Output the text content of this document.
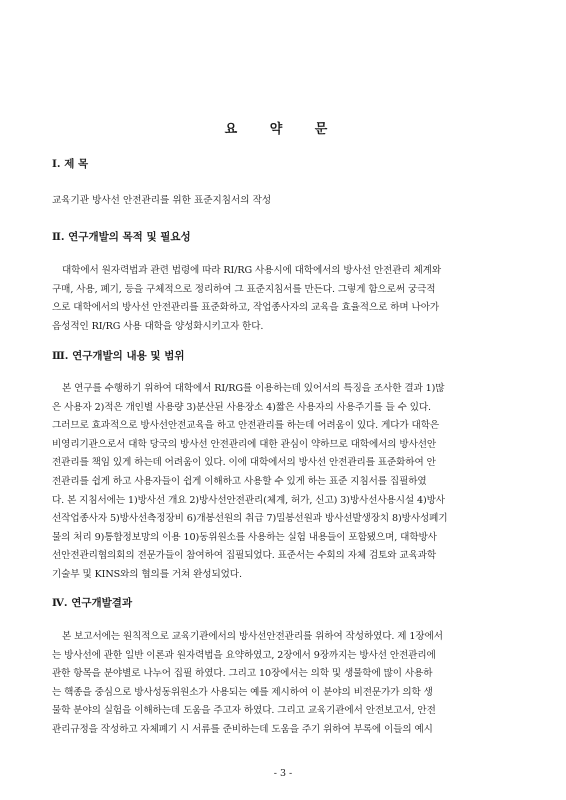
요 약 문
Ⅰ. 제 목
교육기관 방사선 안전관리를 위한 표준지침서의 작성
Ⅱ. 연구개발의 목적 및 필요성
대학에서 원자력법과 관련 법령에 따라 RI/RG 사용시에 대학에서의 방사선 안전관리 체계와
구매, 사용, 폐기, 등을 구체적으로 정리하여 그 표준지침서를 만든다. 그렇게 함으로써 궁극적
으로 대학에서의 방사선 안전관리를 표준화하고, 작업종사자의 교육을 효율적으로 하며 나아가
음성적인 RI/RG 사용 대학을 양성화시키고자 한다.
Ⅲ. 연구개발의 내용 및 범위
본 연구를 수행하기 위하여 대학에서 RI/RG를 이용하는데 있어서의 특징을 조사한 결과 1)많
은 사용자 2)적은 개인별 사용량 3)분산된 사용장소 4)짧은 사용자의 사용주기를 들 수 있다.
그러므로 효과적으로 방사선안전교육을 하고 안전관리를 하는데 어려움이 있다. 게다가 대학은
비영리기관으로서 대학 당국의 방사선 안전관리에 대한 관심이 약하므로 대학에서의 방사선안
전관리를 책임 있게 하는데 어려움이 있다. 이에 대학에서의 방사선 안전관리를 표준화하여 안
전관리를 쉽게 하고 사용자들이 쉽게 이해하고 사용할 수 있게 하는 표준 지침서를 집필하였
다. 본 지침서에는 1)방사선 개요 2)방사선안전관리(체계, 허가, 신고) 3)방사선사용시설 4)방사
선작업종사자 5)방사선측정장비 6)개봉선원의 취급 7)밀봉선원과 방사선발생장치 8)방사성폐기
물의 처리 9)통합정보망의 이용 10)동위원소를 사용하는 실험 내용들이 포함됐으며, 대학방사
선안전관리협의회의 전문가들이 참여하여 집필되었다. 표준서는 수회의 자체 검토와 교육과학
기술부 및 KINS와의 협의를 거쳐 완성되었다.
Ⅳ. 연구개발결과
본 보고서에는 원칙적으로 교육기관에서의 방사선안전관리를 위하여 작성하였다. 제 1장에서
는 방사선에 관한 일반 이론과 원자력법을 요약하였고, 2장에서 9장까지는 방사선 안전관리에
관한 항목을 분야별로 나누어 집필 하였다. 그리고 10장에서는 의학 및 생물학에 많이 사용하
는 핵종을 중심으로 방사성동위원소가 사용되는 예를 제시하여 이 분야의 비전문가가 의학 생
물학 분야의 실험을 이해하는데 도움을 주고자 하였다. 그리고 교육기관에서 안전보고서, 안전
관리규정을 작성하고 자체폐기 시 서류를 준비하는데 도움을 주기 위하여 부록에 이들의 예시
- 3 -
